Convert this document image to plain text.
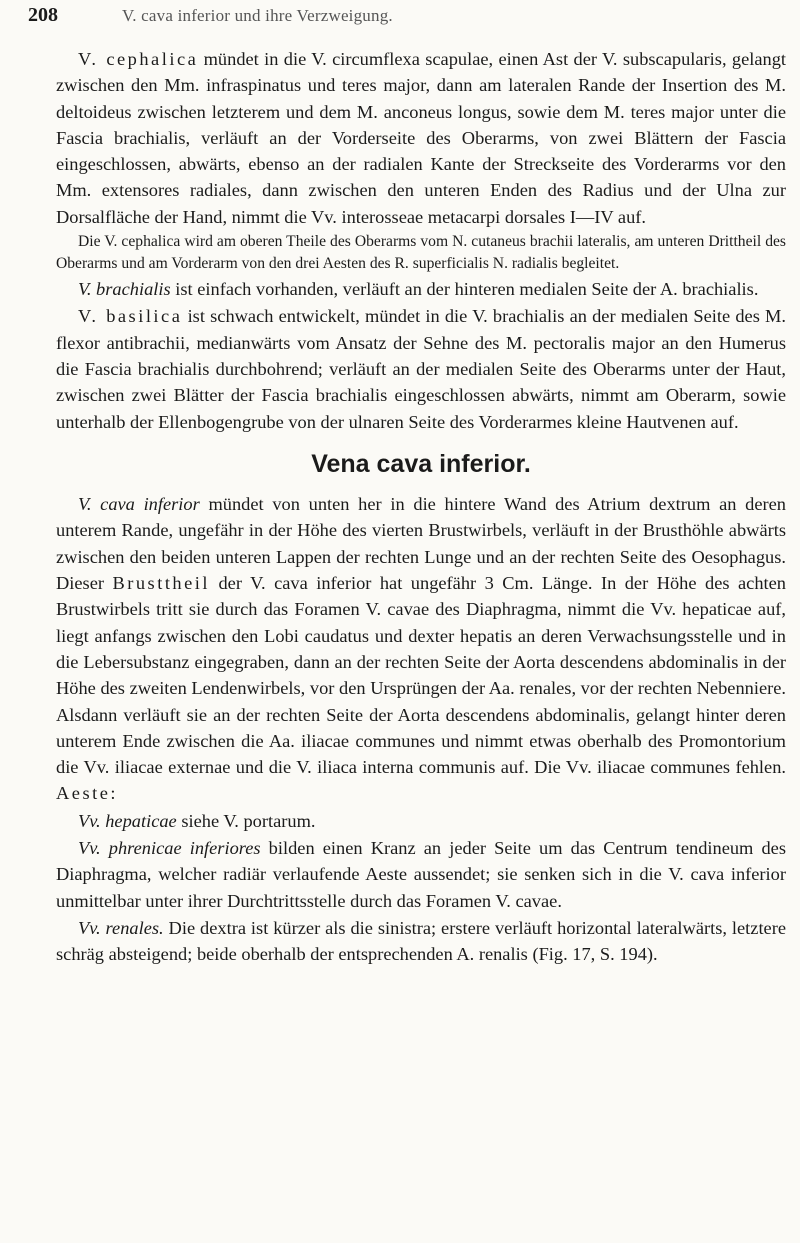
208	V. cava inferior und ihre Verzweigung.

V. cephalica mündet in die V. circumflexa scapulae, einen Ast der V. subscapularis, gelangt zwischen den Mm. infraspinatus und teres major, dann am lateralen Rande der Insertion des M. deltoideus zwischen letzterem und dem M. anconeus longus, sowie dem M. teres major unter die Fascia brachialis, verläuft an der Vorderseite des Oberarms, von zwei Blättern der Fascia eingeschlossen, abwärts, ebenso an der radialen Kante der Streckseite des Vorderarms vor den Mm. extensores radiales, dann zwischen den unteren Enden des Radius und der Ulna zur Dorsalfläche der Hand, nimmt die Vv. interosseae metacarpi dorsales I—IV auf.

Die V. cephalica wird am oberen Theile des Oberarms vom N. cutaneus brachii lateralis, am unteren Drittheil des Oberarms und am Vorderarm von den drei Aesten des R. superficialis N. radialis begleitet.

V. brachialis ist einfach vorhanden, verläuft an der hinteren medialen Seite der A. brachialis.

V. basilica ist schwach entwickelt, mündet in die V. brachialis an der medialen Seite des M. flexor antibrachii, medianwärts vom Ansatz der Sehne des M. pectoralis major an den Humerus die Fascia brachialis durchbohrend; verläuft an der medialen Seite des Oberarms unter der Haut, zwischen zwei Blätter der Fascia brachialis eingeschlossen abwärts, nimmt am Oberarm, sowie unterhalb der Ellenbogengrube von der ulnaren Seite des Vorderarmes kleine Hautvenen auf.

Vena cava inferior.

V. cava inferior mündet von unten her in die hintere Wand des Atrium dextrum an deren unterem Rande, ungefähr in der Höhe des vierten Brustwirbels, verläuft in der Brusthöhle abwärts zwischen den beiden unteren Lappen der rechten Lunge und an der rechten Seite des Oesophagus. Dieser Brusttheil der V. cava inferior hat ungefähr 3 Cm. Länge. In der Höhe des achten Brustwirbels tritt sie durch das Foramen V. cavae des Diaphragma, nimmt die Vv. hepaticae auf, liegt anfangs zwischen den Lobi caudatus und dexter hepatis an deren Verwachsungsstelle und in die Lebersubstanz eingegraben, dann an der rechten Seite der Aorta descendens abdominalis in der Höhe des zweiten Lendenwirbels, vor den Ursprüngen der Aa. renales, vor der rechten Nebenniere. Alsdann verläuft sie an der rechten Seite der Aorta descendens abdominalis, gelangt hinter deren unterem Ende zwischen die Aa. iliacae communes und nimmt etwas oberhalb des Promontorium die Vv. iliacae externae und die V. iliaca interna communis auf. Die Vv. iliacae communes fehlen. Aeste:

Vv. hepaticae siehe V. portarum.

Vv. phrenicae inferiores bilden einen Kranz an jeder Seite um das Centrum tendineum des Diaphragma, welcher radiär verlaufende Aeste aussendet; sie senken sich in die V. cava inferior unmittelbar unter ihrer Durchtrittsstelle durch das Foramen V. cavae.

Vv. renales. Die dextra ist kürzer als die sinistra; erstere verläuft horizontal lateralwärts, letztere schräg absteigend; beide oberhalb der entsprechenden A. renalis (Fig. 17, S. 194).
